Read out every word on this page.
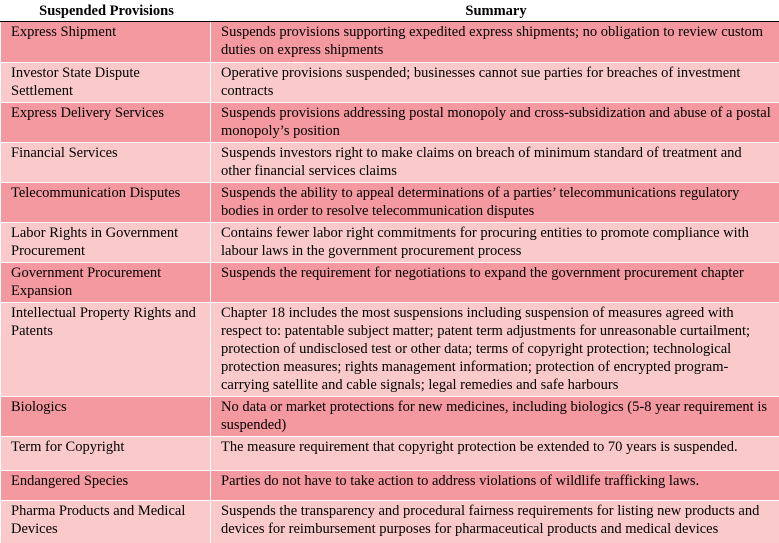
Suspended Provisions	Summary
Express Shipment	Suspends provisions supporting expedited express shipments; no obligation to review custom duties on express shipments
Investor State Dispute Settlement	Operative provisions suspended; businesses cannot sue parties for breaches of investment contracts
Express Delivery Services	Suspends provisions addressing postal monopoly and cross-subsidization and abuse of a postal monopoly’s position
Financial Services	Suspends investors right to make claims on breach of minimum standard of treatment and other financial services claims
Telecommunication Disputes	Suspends the ability to appeal determinations of a parties’ telecommunications regulatory bodies in order to resolve telecommunication disputes
Labor Rights in Government Procurement	Contains fewer labor right commitments for procuring entities to promote compliance with labour laws in the government procurement process
Government Procurement Expansion	Suspends the requirement for negotiations to expand the government procurement chapter
Intellectual Property Rights and Patents	Chapter 18 includes the most suspensions including suspension of measures agreed with respect to: patentable subject matter; patent term adjustments for unreasonable curtailment; protection of undisclosed test or other data; terms of copyright protection; technological protection measures; rights management information; protection of encrypted program-carrying satellite and cable signals; legal remedies and safe harbours
Biologics	No data or market protections for new medicines, including biologics (5-8 year requirement is suspended)
Term for Copyright	The measure requirement that copyright protection be extended to 70 years is suspended.
Endangered Species	Parties do not have to take action to address violations of wildlife trafficking laws.
Pharma Products and Medical Devices	Suspends the transparency and procedural fairness requirements for listing new products and devices for reimbursement purposes for pharmaceutical products and medical devices
